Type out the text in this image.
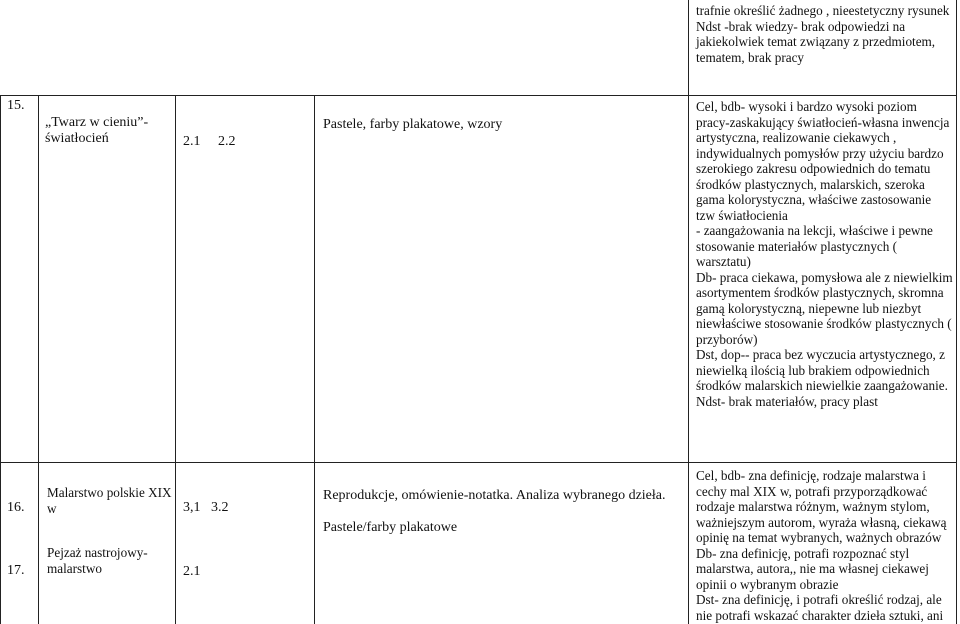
trafnie określić żadnego , nieestetyczny rysunek
Ndst -brak wiedzy- brak odpowiedzi na
jakiekolwiek temat związany z przedmiotem,
tematem, brak pracy
15.
„Twarz w cieniu”-
światłocień	2.1 2.2
Pastele, farby plakatowe, wzory
Cel, bdb- wysoki i bardzo wysoki poziom
pracy-zaskakujący światłocień-własna inwencja
artystyczna, realizowanie ciekawych ,
indywidualnych pomysłów przy użyciu bardzo
szerokiego zakresu odpowiednich do tematu
środków plastycznych, malarskich, szeroka
gama kolorystyczna, właściwe zastosowanie
tzw światłocienia
- zaangażowania na lekcji, właściwe i pewne
stosowanie materiałów plastycznych (
warsztatu)
Db- praca ciekawa, pomysłowa ale z niewielkim
asortymentem środków plastycznych, skromna
gamą kolorystyczną, niepewne lub niezbyt
niewłaściwe stosowanie środków plastycznych (
przyborów)
Dst, dop-- praca bez wyczucia artystycznego, z
niewielką ilością lub brakiem odpowiednich
środków malarskich niewielkie zaangażowanie.
Ndst- brak materiałów, pracy plast
16.
17.
Malarstwo polskie XIX
w
Pejzaż nastrojowy-
malarstwo
3,1   3.2
2.1
Reprodukcje, omówienie-notatka. Analiza wybranego dzieła.
Pastele/farby plakatowe
Cel, bdb- zna definicję, rodzaje malarstwa i
cechy mal XIX w, potrafi przyporządkować
rodzaje malarstwa różnym, ważnym stylom,
ważniejszym autorom, wyraża własną, ciekawą
opinię na temat wybranych, ważnych obrazów
Db- zna definicję, potrafi rozpoznać styl
malarstwa, autora,, nie ma własnej ciekawej
opinii o wybranym obrazie
Dst- zna definicję, i potrafi określić rodzaj, ale
nie potrafi wskazać charakter dzieła sztuki, ani
